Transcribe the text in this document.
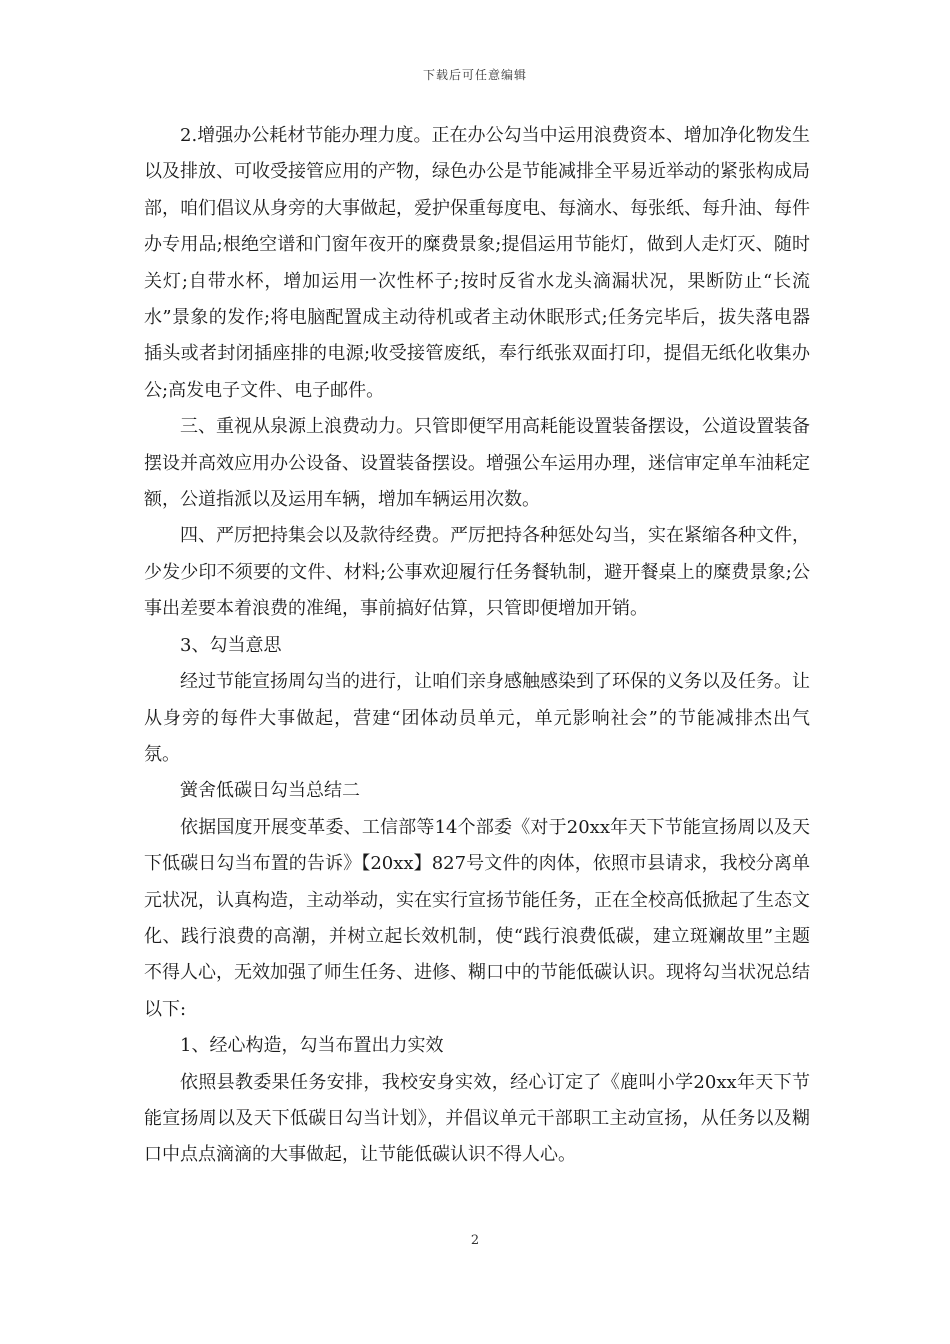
下载后可任意编辑

2.增强办公耗材节能办理力度。正在办公勾当中运用浪费资本、增加净化物发生以及排放、可收受接管应用的产物，绿色办公是节能减排全平易近举动的紧张构成局部，咱们倡议从身旁的大事做起，爱护保重每度电、每滴水、每张纸、每升油、每件办专用品;根绝空谱和门窗年夜开的糜费景象;提倡运用节能灯，做到人走灯灭、随时关灯;自带水杯，增加运用一次性杯子;按时反省水龙头滴漏状况，果断防止“长流水”景象的发作;将电脑配置成主动待机或者主动休眠形式;任务完毕后，拔失落电器插头或者封闭插座排的电源;收受接管废纸，奉行纸张双面打印，提倡无纸化收集办公;高发电子文件、电子邮件。

三、重视从泉源上浪费动力。只管即便罕用高耗能设置装备摆设，公道设置装备摆设并高效应用办公设备、设置装备摆设。增强公车运用办理，迷信审定单车油耗定额，公道指派以及运用车辆，增加车辆运用次数。

四、严厉把持集会以及款待经费。严厉把持各种惩处勾当，实在紧缩各种文件，少发少印不须要的文件、材料;公事欢迎履行任务餐轨制，避开餐桌上的糜费景象;公事出差要本着浪费的准绳，事前搞好估算，只管即便增加开销。

3、勾当意思

经过节能宣扬周勾当的进行，让咱们亲身感触感染到了环保的义务以及任务。让从身旁的每件大事做起，营建“团体动员单元，单元影响社会”的节能减排杰出气氛。

黉舍低碳日勾当总结二

依据国度开展变革委、工信部等14个部委《对于20xx年天下节能宣扬周以及天下低碳日勾当布置的告诉》【20xx】827号文件的肉体，依照市县请求，我校分离单元状况，认真构造，主动举动，实在实行宣扬节能任务，正在全校高低掀起了生态文化、践行浪费的高潮，并树立起长效机制，使“践行浪费低碳，建立斑斓故里”主题不得人心，无效加强了师生任务、进修、糊口中的节能低碳认识。现将勾当状况总结以下:

1、经心构造，勾当布置出力实效

依照县教委果任务安排，我校安身实效，经心订定了《鹿叫小学20xx年天下节能宣扬周以及天下低碳日勾当计划》，并倡议单元干部职工主动宣扬，从任务以及糊口中点点滴滴的大事做起，让节能低碳认识不得人心。

2
